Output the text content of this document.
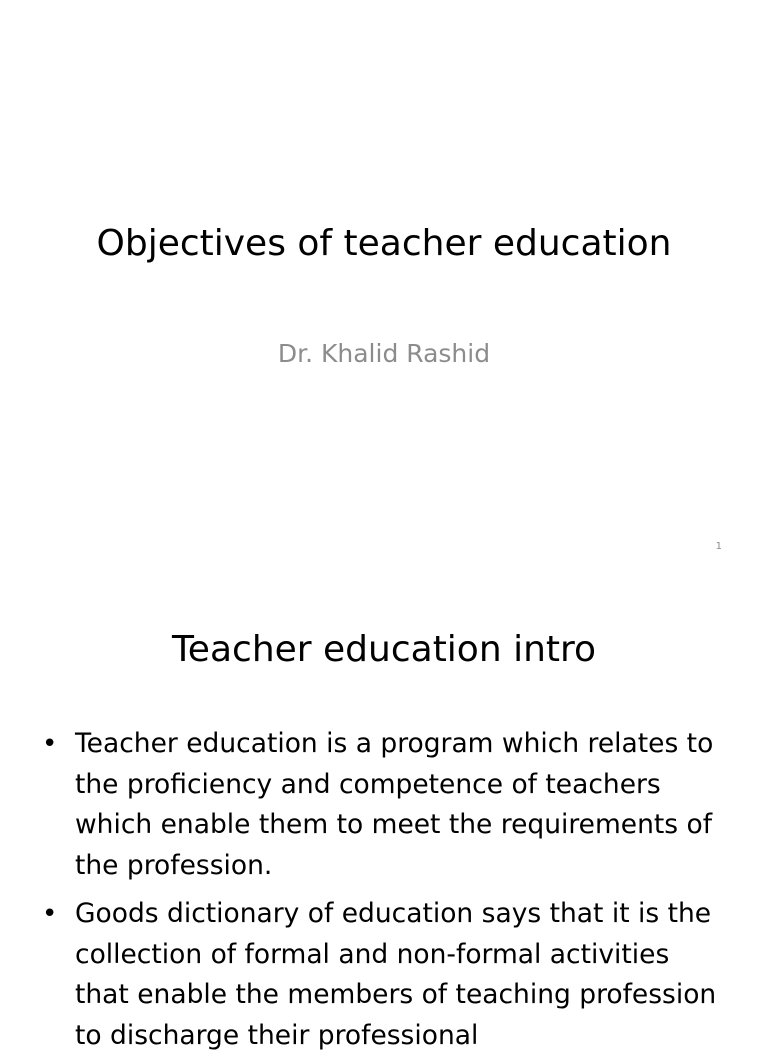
Objectives of teacher education

Dr. Khalid Rashid

1
Teacher education intro
• Teacher education is a program which relates to the proficiency and competence of teachers which enable them to meet the requirements of the profession.
• Goods dictionary of education says that it is the collection of formal and non-formal activities that enable the members of teaching profession to discharge their professional
